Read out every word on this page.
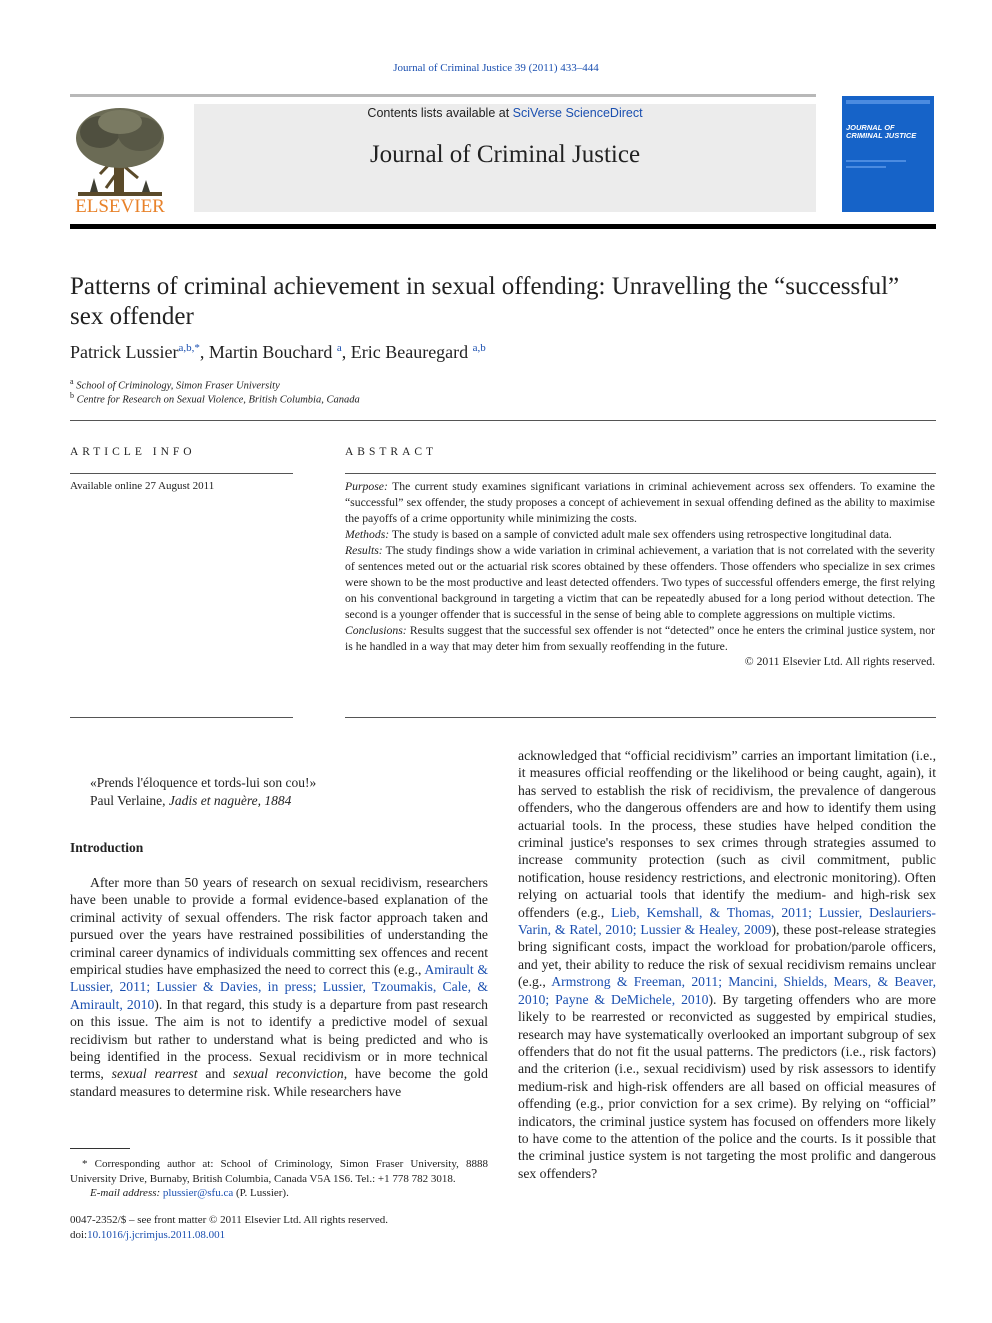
Journal of Criminal Justice 39 (2011) 433–444
ELSEVIER
Contents lists available at SciVerse ScienceDirect
Journal of Criminal Justice
JOURNAL OF CRIMINAL JUSTICE
Patterns of criminal achievement in sexual offending: Unravelling the “successful” sex offender
Patrick Lussier$^{a,b,*}$, Martin Bouchard $^a$, Eric Beauregard $^{a,b}$
$^a$ School of Criminology, Simon Fraser University
$^b$ Centre for Research on Sexual Violence, British Columbia, Canada
ARTICLE INFO
Available online 27 August 2011
ABSTRACT

Purpose: The current study examines significant variations in criminal achievement across sex offenders. To examine the “successful” sex offender, the study proposes a concept of achievement in sexual offending defined as the ability to maximise the payoffs of a crime opportunity while minimizing the costs.

Methods: The study is based on a sample of convicted adult male sex offenders using retrospective longitudinal data.

Results: The study findings show a wide variation in criminal achievement, a variation that is not correlated with the severity of sentences meted out or the actuarial risk scores obtained by these offenders. Those offenders who specialize in sex crimes were shown to be the most productive and least detected offenders. Two types of successful offenders emerge, the first relying on his conventional background in targeting a victim that can be repeatedly abused for a long period without detection. The second is a younger offender that is successful in the sense of being able to complete aggressions on multiple victims.

Conclusions: Results suggest that the successful sex offender is not “detected” once he enters the criminal justice system, nor is he handled in a way that may deter him from sexually reoffending in the future.

© 2011 Elsevier Ltd. All rights reserved.

«Prends l'éloquence et tords-lui son cou!»
Paul Verlaine, Jadis et naguère, 1884
Introduction

After more than 50 years of research on sexual recidivism, researchers have been unable to provide a formal evidence-based explanation of the criminal activity of sexual offenders. The risk factor approach taken and pursued over the years have restrained possibilities of understanding the criminal career dynamics of individuals committing sex offences and recent empirical studies have emphasized the need to correct this (e.g., Amirault & Lussier, 2011; Lussier & Davies, in press; Lussier, Tzoumakis, Cale, & Amirault, 2010). In that regard, this study is a departure from past research on this issue. The aim is not to identify a predictive model of sexual recidivism but rather to understand what is being predicted and who is being identified in the process. Sexual recidivism or in more technical terms, sexual rearrest and sexual reconviction, have become the gold standard measures to determine risk. While researchers have

* Corresponding author at: School of Criminology, Simon Fraser University, 8888 University Drive, Burnaby, British Columbia, Canada V5A 1S6. Tel.: +1 778 782 3018.

E-mail address: plussier@sfu.ca (P. Lussier).
0047-2352/$ – see front matter © 2011 Elsevier Ltd. All rights reserved.
doi:10.1016/j.jcrimjus.2011.08.001

acknowledged that “official recidivism” carries an important limitation (i.e., it measures official reoffending or the likelihood or being caught, again), it has served to establish the risk of recidivism, the prevalence of dangerous offenders, who the dangerous offenders are and how to identify them using actuarial tools. In the process, these studies have helped condition the criminal justice's responses to sex crimes through strategies assumed to increase community protection (such as civil commitment, public notification, house residency restrictions, and electronic monitoring). Often relying on actuarial tools that identify the medium- and high-risk sex offenders (e.g., Lieb, Kemshall, & Thomas, 2011; Lussier, Deslauriers-Varin, & Ratel, 2010; Lussier & Healey, 2009), these post-release strategies bring significant costs, impact the workload for probation/parole officers, and yet, their ability to reduce the risk of sexual recidivism remains unclear (e.g., Armstrong & Freeman, 2011; Mancini, Shields, Mears, & Beaver, 2010; Payne & DeMichele, 2010). By targeting offenders who are more likely to be rearrested or reconvicted as suggested by empirical studies, research may have systematically overlooked an important subgroup of sex offenders that do not fit the usual patterns. The predictors (i.e., risk factors) and the criterion (i.e., sexual recidivism) used by risk assessors to identify medium-risk and high-risk offenders are all based on official measures of offending (e.g., prior conviction for a sex crime). By relying on “official” indicators, the criminal justice system has focused on offenders more likely to have come to the attention of the police and the courts. Is it possible that the criminal justice system is not targeting the most prolific and dangerous sex offenders?
